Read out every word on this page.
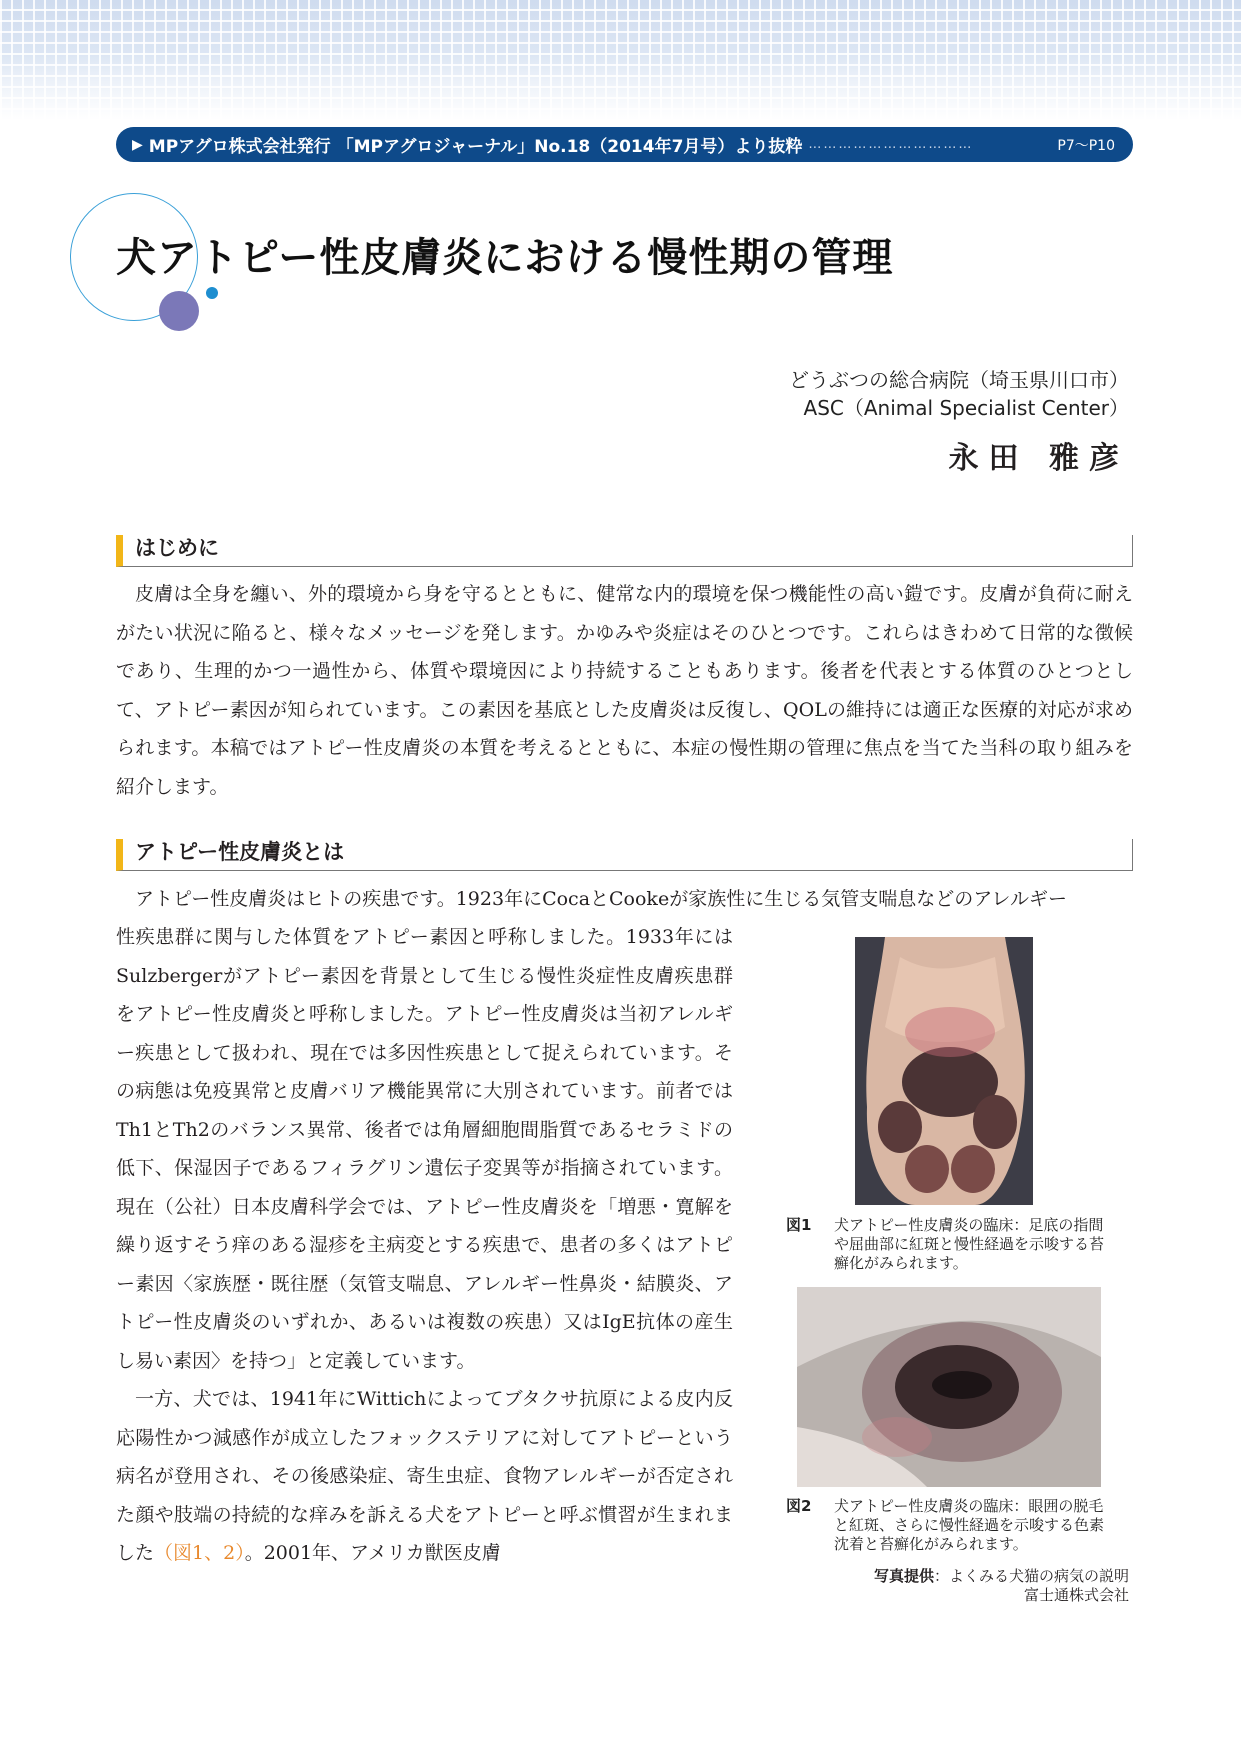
▶ MPアグロ株式会社発行 「MPアグロジャーナル」No.18（2014年7月号）より抜粋 ……………………………	P7～P10
犬アトピー性皮膚炎における慢性期の管理
どうぶつの総合病院（埼玉県川口市）
ASC（Animal Specialist Center）
永田 雅彦
はじめに

皮膚は全身を纏い、外的環境から身を守るとともに、健常な内的環境を保つ機能性の高い鎧です。皮膚が負荷に耐えがたい状況に陥ると、様々なメッセージを発します。かゆみや炎症はそのひとつです。これらはきわめて日常的な徴候であり、生理的かつ一過性から、体質や環境因により持続することもあります。後者を代表とする体質のひとつとして、アトピー素因が知られています。この素因を基底とした皮膚炎は反復し、QOLの維持には適正な医療的対応が求められます。本稿ではアトピー性皮膚炎の本質を考えるとともに、本症の慢性期の管理に焦点を当てた当科の取り組みを紹介します。

アトピー性皮膚炎とは

アトピー性皮膚炎はヒトの疾患です。1923年にCocaとCookeが家族性に生じる気管支喘息などのアレルギー

性疾患群に関与した体質をアトピー素因と呼称しました。1933年にはSulzbergerがアトピー素因を背景として生じる慢性炎症性皮膚疾患群をアトピー性皮膚炎と呼称しました。アトピー性皮膚炎は当初アレルギー疾患として扱われ、現在では多因性疾患として捉えられています。その病態は免疫異常と皮膚バリア機能異常に大別されています。前者ではTh1とTh2のバランス異常、後者では角層細胞間脂質であるセラミドの低下、保湿因子であるフィラグリン遺伝子変異等が指摘されています。現在（公社）日本皮膚科学会では、アトピー性皮膚炎を「増悪・寛解を繰り返すそう痒のある湿疹を主病変とする疾患で、患者の多くはアトピー素因〈家族歴・既往歴（気管支喘息、アレルギー性鼻炎・結膜炎、アトピー性皮膚炎のいずれか、あるいは複数の疾患）又はIgE抗体の産生し易い素因〉を持つ」と定義しています。

一方、犬では、1941年にWittichによってブタクサ抗原による皮内反応陽性かつ減感作が成立したフォックステリアに対してアトピーという病名が登用され、その後感染症、寄生虫症、食物アレルギーが否定された顔や肢端の持続的な痒みを訴える犬をアトピーと呼ぶ慣習が生まれました（図1、2）。2001年、アメリカ獣医皮膚

図1	犬アトピー性皮膚炎の臨床：足底の指間や屈曲部に紅斑と慢性経過を示唆する苔癬化がみられます。
図2	犬アトピー性皮膚炎の臨床：眼囲の脱毛と紅斑、さらに慢性経過を示唆する色素沈着と苔癬化がみられます。
写真提供：よくみる犬猫の病気の説明
富士通株式会社
